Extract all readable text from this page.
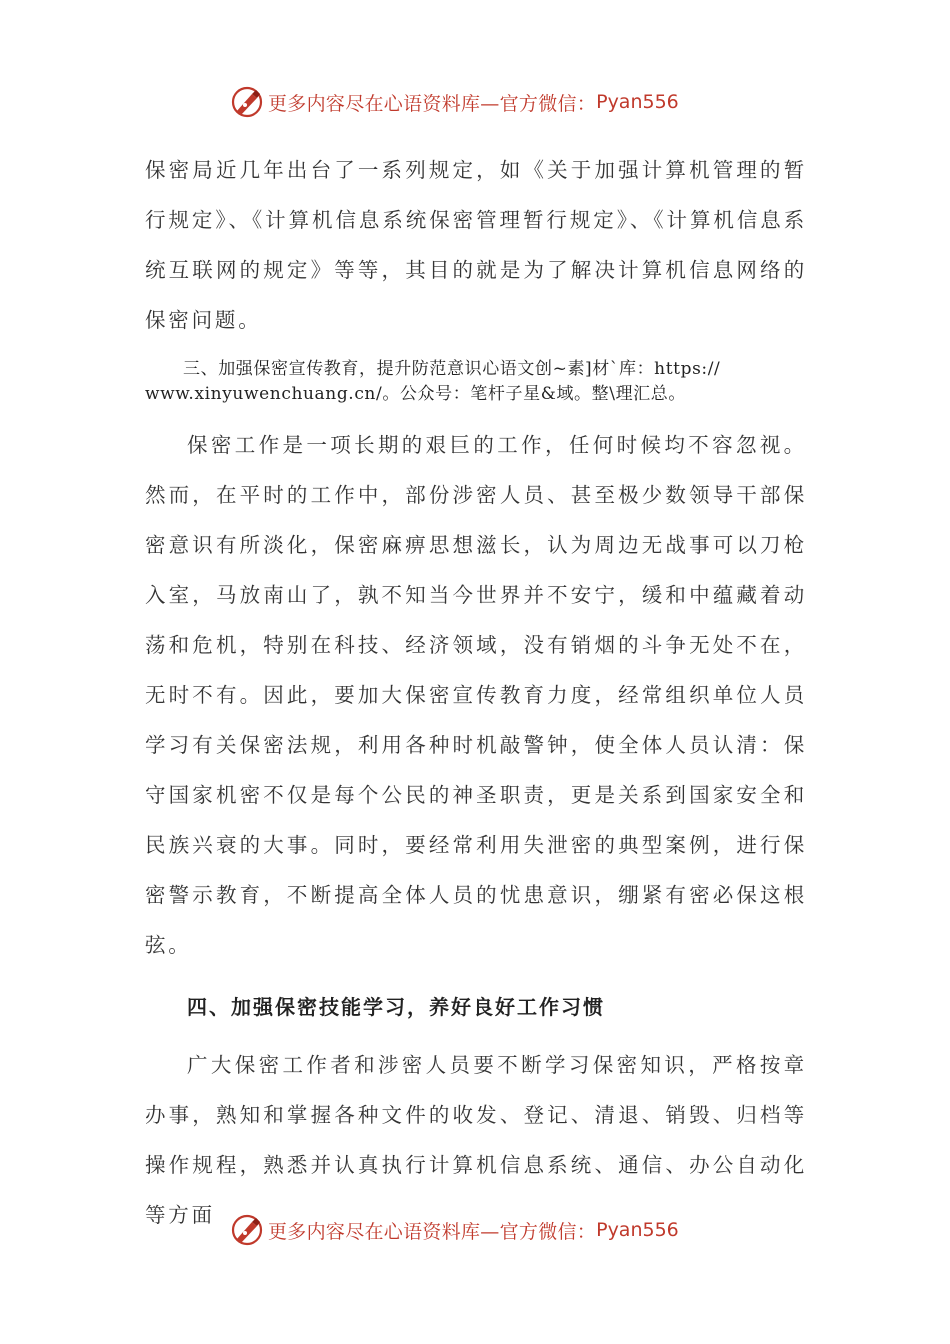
更多内容尽在心语资料库—官方微信： Pyan556

保密局近几年出台了一系列规定，如《关于加强计算机管理的暂行规定》、《计算机信息系统保密管理暂行规定》、《计算机信息系统互联网的规定》等等，其目的就是为了解决计算机信息网络的保密问题。

三、加强保密宣传教育，提升防范意识心语文创~素]材`库：https://
www.xinyuwenchuang.cn/。公众号：笔杆子星&域。整\理汇总。

保密工作是一项长期的艰巨的工作，任何时候均不容忽视。然而，在平时的工作中，部份涉密人员、甚至极少数领导干部保密意识有所淡化，保密麻痹思想滋长，认为周边无战事可以刀枪入室，马放南山了，孰不知当今世界并不安宁，缓和中蕴藏着动荡和危机，特别在科技、经济领域，没有销烟的斗争无处不在，无时不有。因此，要加大保密宣传教育力度，经常组织单位人员学习有关保密法规，利用各种时机敲警钟，使全体人员认清：保守国家机密不仅是每个公民的神圣职责，更是关系到国家安全和民族兴衰的大事。同时，要经常利用失泄密的典型案例，进行保密警示教育，不断提高全体人员的忧患意识，绷紧有密必保这根弦。

四、加强保密技能学习，养好良好工作习惯

广大保密工作者和涉密人员要不断学习保密知识，严格按章办事，熟知和掌握各种文件的收发、登记、清退、销毁、归档等操作规程，熟悉并认真执行计算机信息系统、通信、办公自动化等方面

更多内容尽在心语资料库—官方微信： Pyan556
